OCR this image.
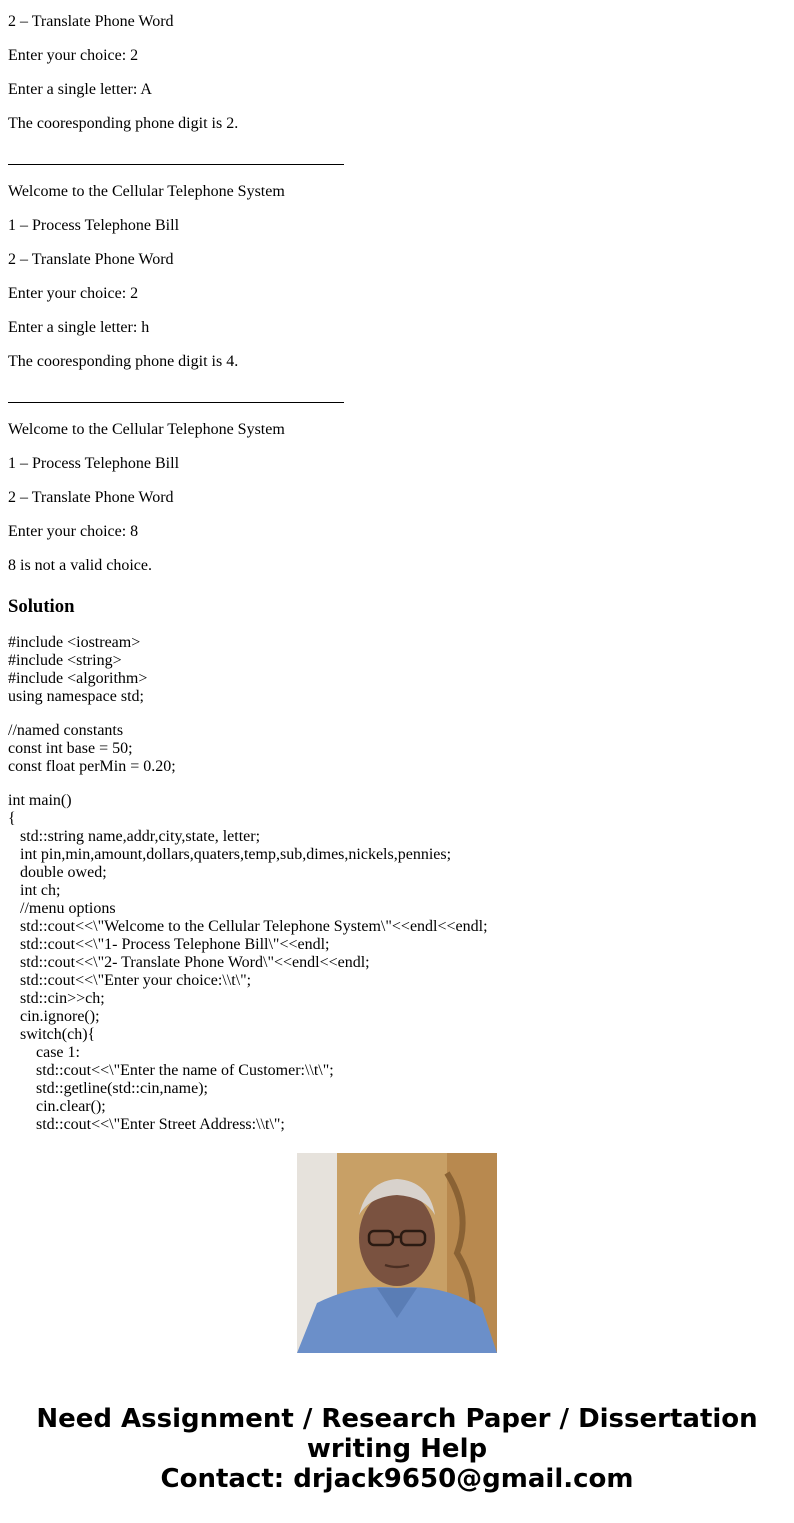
2 – Translate Phone Word

Enter your choice: 2

Enter a single letter: A

The cooresponding phone digit is 2.

Welcome to the Cellular Telephone System

1 – Process Telephone Bill

2 – Translate Phone Word

Enter your choice: 2

Enter a single letter: h

The cooresponding phone digit is 4.

Welcome to the Cellular Telephone System

1 – Process Telephone Bill

2 – Translate Phone Word

Enter your choice: 8

8 is not a valid choice.

Solution
#include <iostream>
#include <string>
#include <algorithm>
using namespace std;
//named constants
const int base = 50;
const float perMin = 0.20;
int main()
{
std::string name,addr,city,state, letter;
int pin,min,amount,dollars,quaters,temp,sub,dimes,nickels,pennies;
double owed;
int ch;
//menu options
std::cout<<\"Welcome to the Cellular Telephone System\"<<endl<<endl;
std::cout<<\"1- Process Telephone Bill\"<<endl;
std::cout<<\"2- Translate Phone Word\"<<endl<<endl;
std::cout<<\"Enter your choice:\\t\";
std::cin>>ch;
cin.ignore();
switch(ch){
case 1:
std::cout<<\"Enter the name of Customer:\\t\";
std::getline(std::cin,name);
cin.clear();
std::cout<<\"Enter Street Address:\\t\";
Need Assignment / Research Paper / Dissertation
writing Help
Contact: drjack9650@gmail.com
